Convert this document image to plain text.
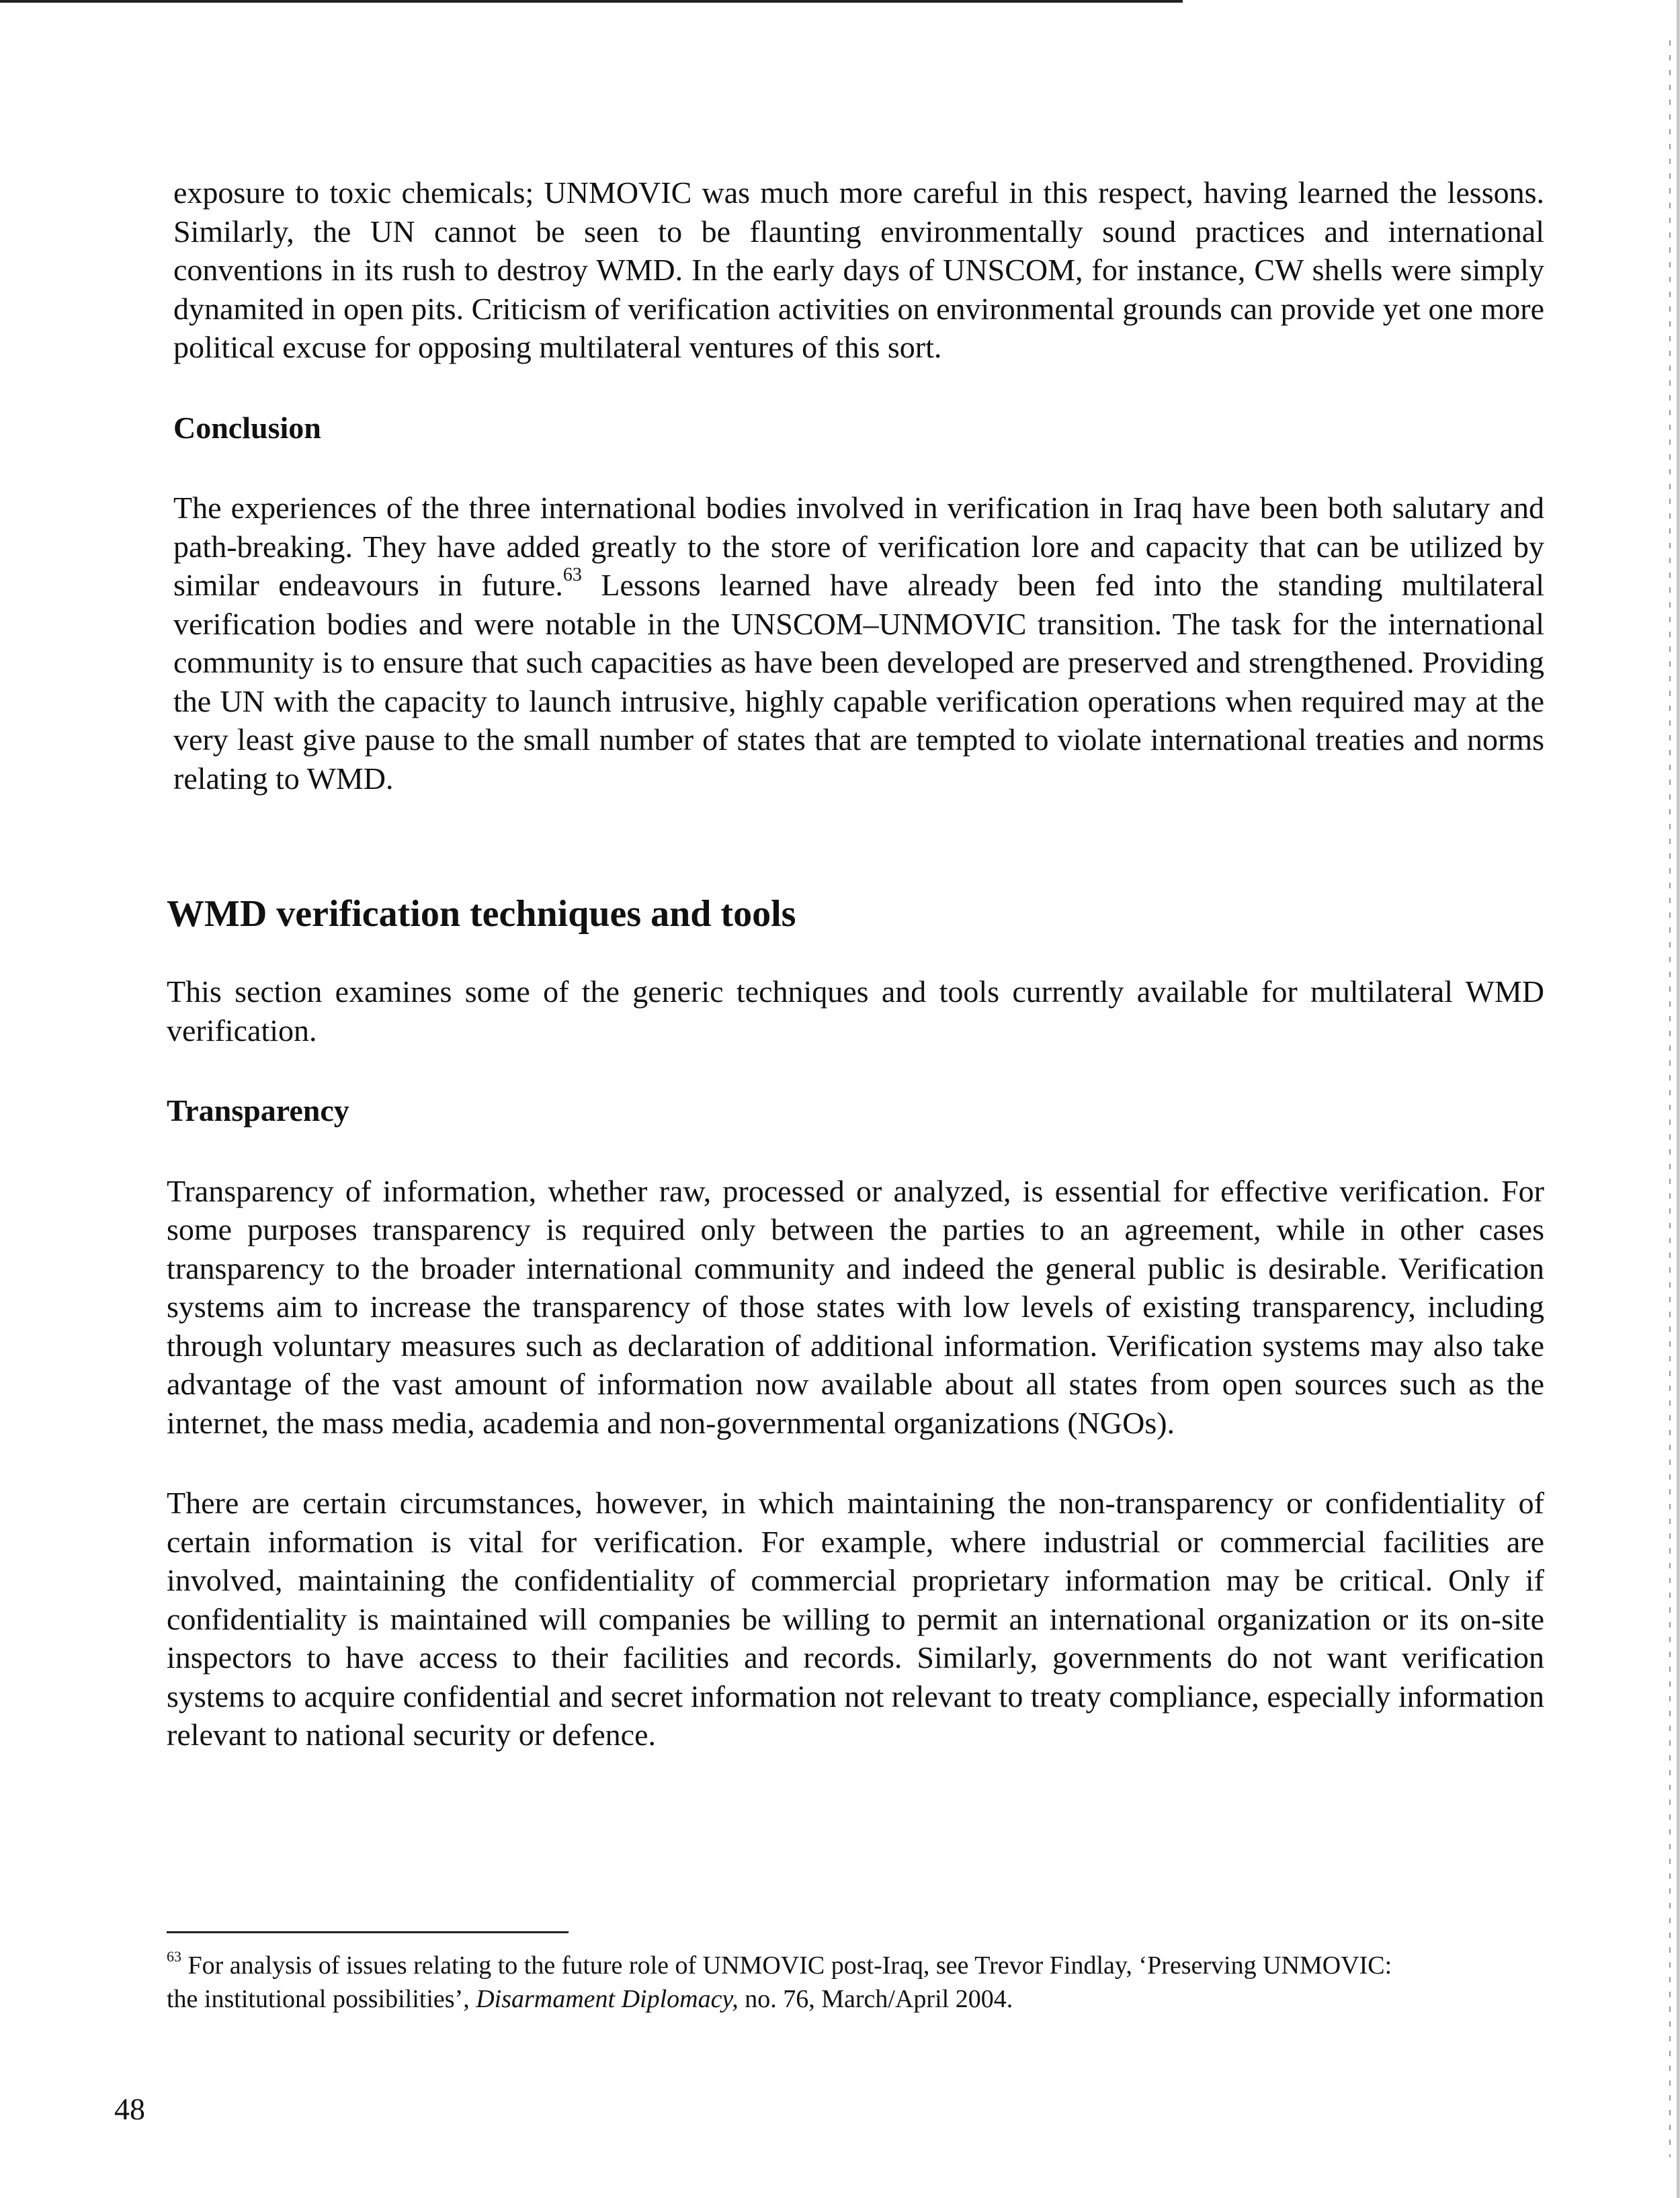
exposure to toxic chemicals; UNMOVIC was much more careful in this respect, having learned the lessons. Similarly, the UN cannot be seen to be flaunting environmentally sound practices and international conventions in its rush to destroy WMD. In the early days of UNSCOM, for instance, CW shells were simply dynamited in open pits. Criticism of verification activities on environmental grounds can provide yet one more political excuse for opposing multilateral ventures of this sort.

Conclusion

The experiences of the three international bodies involved in verification in Iraq have been both salutary and path-breaking. They have added greatly to the store of verification lore and capacity that can be utilized by similar endeavours in future.$^{63}$ Lessons learned have already been fed into the standing multilateral verification bodies and were notable in the UNSCOM–UNMOVIC transition. The task for the international community is to ensure that such capacities as have been developed are preserved and strengthened. Providing the UN with the capacity to launch intrusive, highly capable verification operations when required may at the very least give pause to the small number of states that are tempted to violate international treaties and norms relating to WMD.

WMD verification techniques and tools

This section examines some of the generic techniques and tools currently available for multilateral WMD verification.

Transparency

Transparency of information, whether raw, processed or analyzed, is essential for effective verification. For some purposes transparency is required only between the parties to an agreement, while in other cases transparency to the broader international community and indeed the general public is desirable. Verification systems aim to increase the transparency of those states with low levels of existing transparency, including through voluntary measures such as declaration of additional information. Verification systems may also take advantage of the vast amount of information now available about all states from open sources such as the internet, the mass media, academia and non-governmental organizations (NGOs).

There are certain circumstances, however, in which maintaining the non-transparency or confidentiality of certain information is vital for verification. For example, where industrial or commercial facilities are involved, maintaining the confidentiality of commercial proprietary information may be critical. Only if confidentiality is maintained will companies be willing to permit an international organization or its on-site inspectors to have access to their facilities and records. Similarly, governments do not want verification systems to acquire confidential and secret information not relevant to treaty compliance, especially information relevant to national security or defence.

$^{63}$ For analysis of issues relating to the future role of UNMOVIC post-Iraq, see Trevor Findlay, ‘Preserving UNMOVIC: the institutional possibilities’, Disarmament Diplomacy, no. 76, March/April 2004.
48
